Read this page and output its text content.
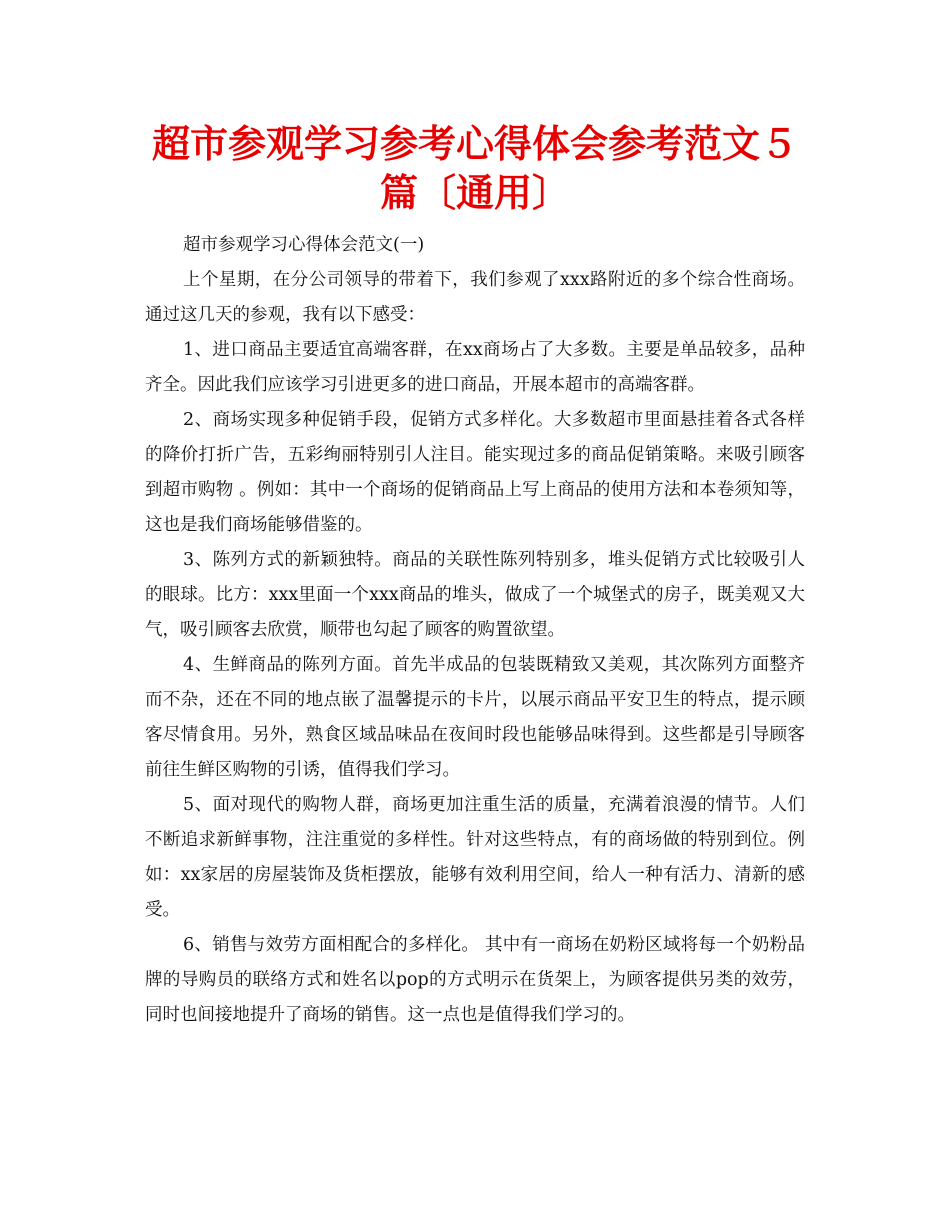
超市参观学习参考心得体会参考范文５篇〔通用〕

超市参观学习心得体会范文(一)

上个星期，在分公司领导的带着下，我们参观了xxx路附近的多个综合性商场。通过这几天的参观，我有以下感受：

1、进口商品主要适宜高端客群，在xx商场占了大多数。主要是单品较多，品种齐全。因此我们应该学习引进更多的进口商品，开展本超市的高端客群。

2、商场实现多种促销手段，促销方式多样化。大多数超市里面悬挂着各式各样的降价打折广告，五彩绚丽特别引人注目。能实现过多的商品促销策略。来吸引顾客到超市购物 。例如：其中一个商场的促销商品上写上商品的使用方法和本卷须知等，这也是我们商场能够借鉴的。

3、陈列方式的新颖独特。商品的关联性陈列特别多，堆头促销方式比较吸引人的眼球。比方：xxx里面一个xxx商品的堆头，做成了一个城堡式的房子，既美观又大气，吸引顾客去欣赏，顺带也勾起了顾客的购置欲望。

4、生鲜商品的陈列方面。首先半成品的包装既精致又美观，其次陈列方面整齐而不杂，还在不同的地点嵌了温馨提示的卡片，以展示商品平安卫生的特点，提示顾客尽情食用。另外，熟食区域品味品在夜间时段也能够品味得到。这些都是引导顾客前往生鲜区购物的引诱，值得我们学习。

5、面对现代的购物人群，商场更加注重生活的质量，充满着浪漫的情节。人们不断追求新鲜事物，注注重觉的多样性。针对这些特点，有的商场做的特别到位。例如：xx家居的房屋装饰及货柜摆放，能够有效利用空间，给人一种有活力、清新的感受。

6、销售与效劳方面相配合的多样化。 其中有一商场在奶粉区域将每一个奶粉品牌的导购员的联络方式和姓名以pop的方式明示在货架上，为顾客提供另类的效劳，同时也间接地提升了商场的销售。这一点也是值得我们学习的。
